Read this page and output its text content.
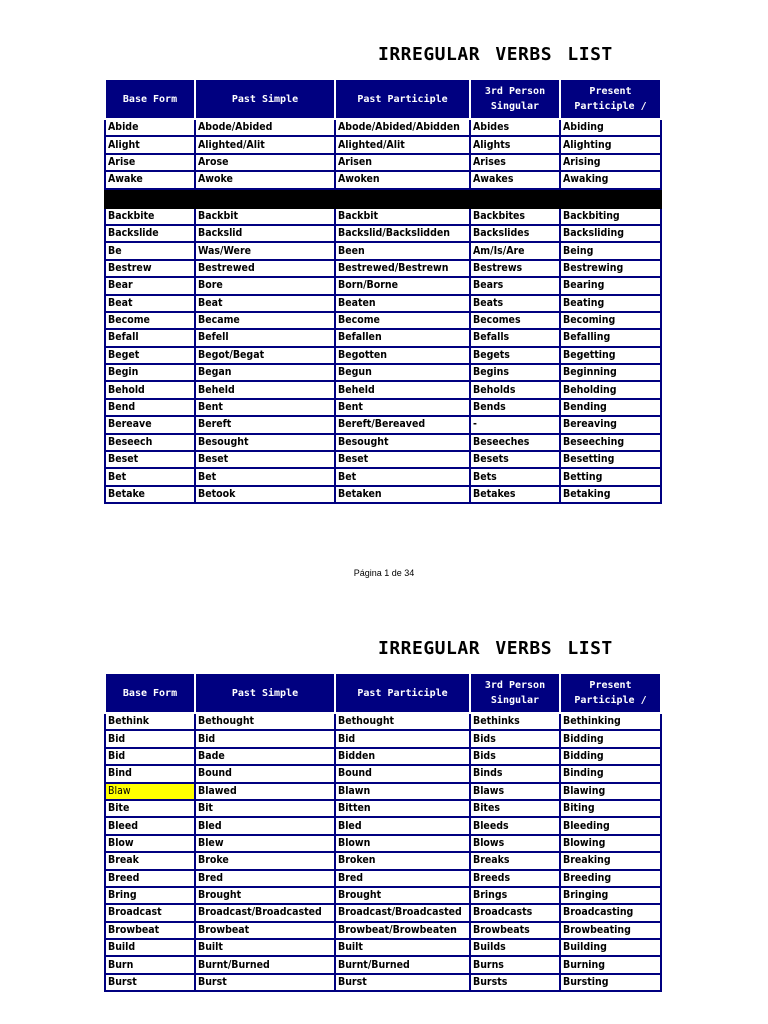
IRREGULAR VERBS LIST
Base Form	Past Simple	Past Participle	3rd Person Singular	Present Participle /
Abide	Abode/Abided	Abode/Abided/Abidden	Abides	Abiding
Alight	Alighted/Alit	Alighted/Alit	Alights	Alighting
Arise	Arose	Arisen	Arises	Arising
Awake	Awoke	Awoken	Awakes	Awaking

Backbite	Backbit	Backbit	Backbites	Backbiting
Backslide	Backslid	Backslid/Backslidden	Backslides	Backsliding
Be	Was/Were	Been	Am/Is/Are	Being
Bestrew	Bestrewed	Bestrewed/Bestrewn	Bestrews	Bestrewing
Bear	Bore	Born/Borne	Bears	Bearing
Beat	Beat	Beaten	Beats	Beating
Become	Became	Become	Becomes	Becoming
Befall	Befell	Befallen	Befalls	Befalling
Beget	Begot/Begat	Begotten	Begets	Begetting
Begin	Began	Begun	Begins	Beginning
Behold	Beheld	Beheld	Beholds	Beholding
Bend	Bent	Bent	Bends	Bending
Bereave	Bereft	Bereft/Bereaved	-	Bereaving
Beseech	Besought	Besought	Beseeches	Beseeching
Beset	Beset	Beset	Besets	Besetting
Bet	Bet	Bet	Bets	Betting
Betake	Betook	Betaken	Betakes	Betaking
Página 1 de 34
IRREGULAR VERBS LIST
Base Form	Past Simple	Past Participle	3rd Person Singular	Present Participle /
Bethink	Bethought	Bethought	Bethinks	Bethinking
Bid	Bid	Bid	Bids	Bidding
Bid	Bade	Bidden	Bids	Bidding
Bind	Bound	Bound	Binds	Binding
Blaw	Blawed	Blawn	Blaws	Blawing
Bite	Bit	Bitten	Bites	Biting
Bleed	Bled	Bled	Bleeds	Bleeding
Blow	Blew	Blown	Blows	Blowing
Break	Broke	Broken	Breaks	Breaking
Breed	Bred	Bred	Breeds	Breeding
Bring	Brought	Brought	Brings	Bringing
Broadcast	Broadcast/Broadcasted	Broadcast/Broadcasted	Broadcasts	Broadcasting
Browbeat	Browbeat	Browbeat/Browbeaten	Browbeats	Browbeating
Build	Built	Built	Builds	Building
Burn	Burnt/Burned	Burnt/Burned	Burns	Burning
Burst	Burst	Burst	Bursts	Bursting
